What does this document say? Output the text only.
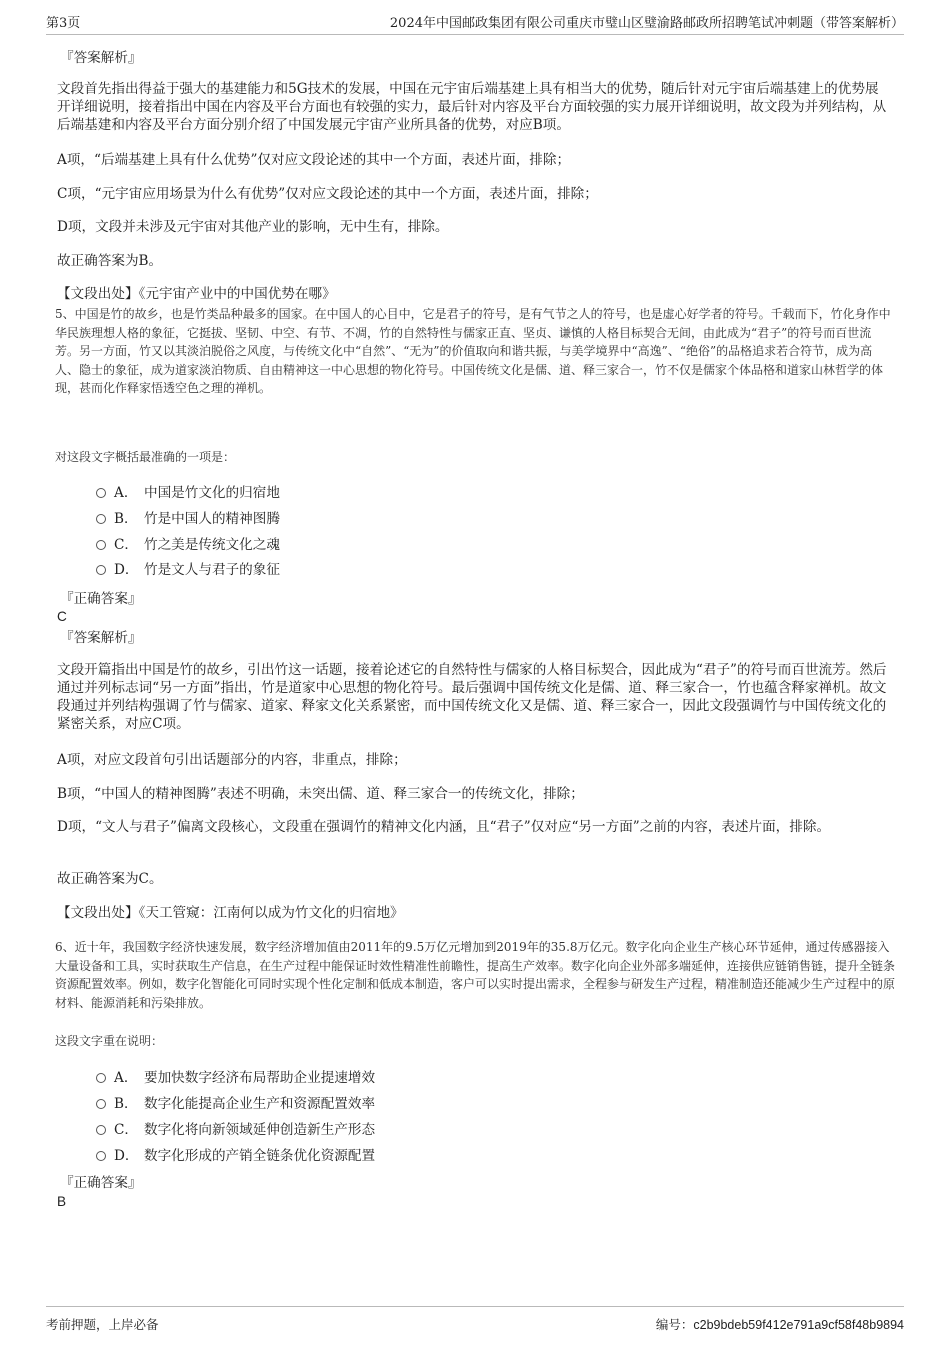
第3页	2024年中国邮政集团有限公司重庆市璧山区璧渝路邮政所招聘笔试冲刺题（带答案解析）
『答案解析』

文段首先指出得益于强大的基建能力和5G技术的发展，中国在元宇宙后端基建上具有相当大的优势，随后针对元宇宙后端基建上的优势展开详细说明，接着指出中国在内容及平台方面也有较强的实力，最后针对内容及平台方面较强的实力展开详细说明，故文段为并列结构，从后端基建和内容及平台方面分别介绍了中国发展元宇宙产业所具备的优势，对应B项。

A项，“后端基建上具有什么优势”仅对应文段论述的其中一个方面，表述片面，排除；

C项，“元宇宙应用场景为什么有优势”仅对应文段论述的其中一个方面，表述片面，排除；

D项，文段并未涉及元宇宙对其他产业的影响，无中生有，排除。

故正确答案为B。

【文段出处】《元宇宙产业中的中国优势在哪》

5、中国是竹的故乡，也是竹类品种最多的国家。在中国人的心目中，它是君子的符号，是有气节之人的符号，也是虚心好学者的符号。千载而下，竹化身作中华民族理想人格的象征，它挺拔、坚韧、中空、有节、不凋，竹的自然特性与儒家正直、坚贞、谦慎的人格目标契合无间，由此成为“君子”的符号而百世流芳。另一方面，竹又以其淡泊脱俗之风度，与传统文化中“自然”、“无为”的价值取向和谐共振，与美学境界中“高逸”、“绝俗”的品格追求若合符节，成为高人、隐士的象征，成为道家淡泊物质、自由精神这一中心思想的物化符号。中国传统文化是儒、道、释三家合一，竹不仅是儒家个体品格和道家山林哲学的体现，甚而化作释家悟透空色之理的禅机。

对这段文字概括最准确的一项是：

A． 中国是竹文化的归宿地
B． 竹是中国人的精神图腾
C． 竹之美是传统文化之魂
D． 竹是文人与君子的象征
『正确答案』
C
『答案解析』

文段开篇指出中国是竹的故乡，引出竹这一话题，接着论述它的自然特性与儒家的人格目标契合，因此成为“君子”的符号而百世流芳。然后通过并列标志词“另一方面”指出，竹是道家中心思想的物化符号。最后强调中国传统文化是儒、道、释三家合一，竹也蕴含释家禅机。故文段通过并列结构强调了竹与儒家、道家、释家文化关系紧密，而中国传统文化又是儒、道、释三家合一，因此文段强调竹与中国传统文化的紧密关系，对应C项。

A项，对应文段首句引出话题部分的内容，非重点，排除；

B项，“中国人的精神图腾”表述不明确，未突出儒、道、释三家合一的传统文化，排除；

D项，“文人与君子”偏离文段核心，文段重在强调竹的精神文化内涵，且“君子”仅对应“另一方面”之前的内容，表述片面，排除。

故正确答案为C。

【文段出处】《天工管窥：江南何以成为竹文化的归宿地》

6、近十年，我国数字经济快速发展，数字经济增加值由2011年的9.5万亿元增加到2019年的35.8万亿元。数字化向企业生产核心环节延伸，通过传感器接入大量设备和工具，实时获取生产信息，在生产过程中能保证时效性精准性前瞻性，提高生产效率。数字化向企业外部多端延伸，连接供应链销售链，提升全链条资源配置效率。例如，数字化智能化可同时实现个性化定制和低成本制造，客户可以实时提出需求，全程参与研发生产过程，精准制造还能减少生产过程中的原材料、能源消耗和污染排放。

这段文字重在说明：

A． 要加快数字经济布局帮助企业提速增效
B． 数字化能提高企业生产和资源配置效率
C． 数字化将向新领域延伸创造新生产形态
D． 数字化形成的产销全链条优化资源配置
『正确答案』
B
考前押题，上岸必备	编号：c2b9bdeb59f412e791a9cf58f48b9894
